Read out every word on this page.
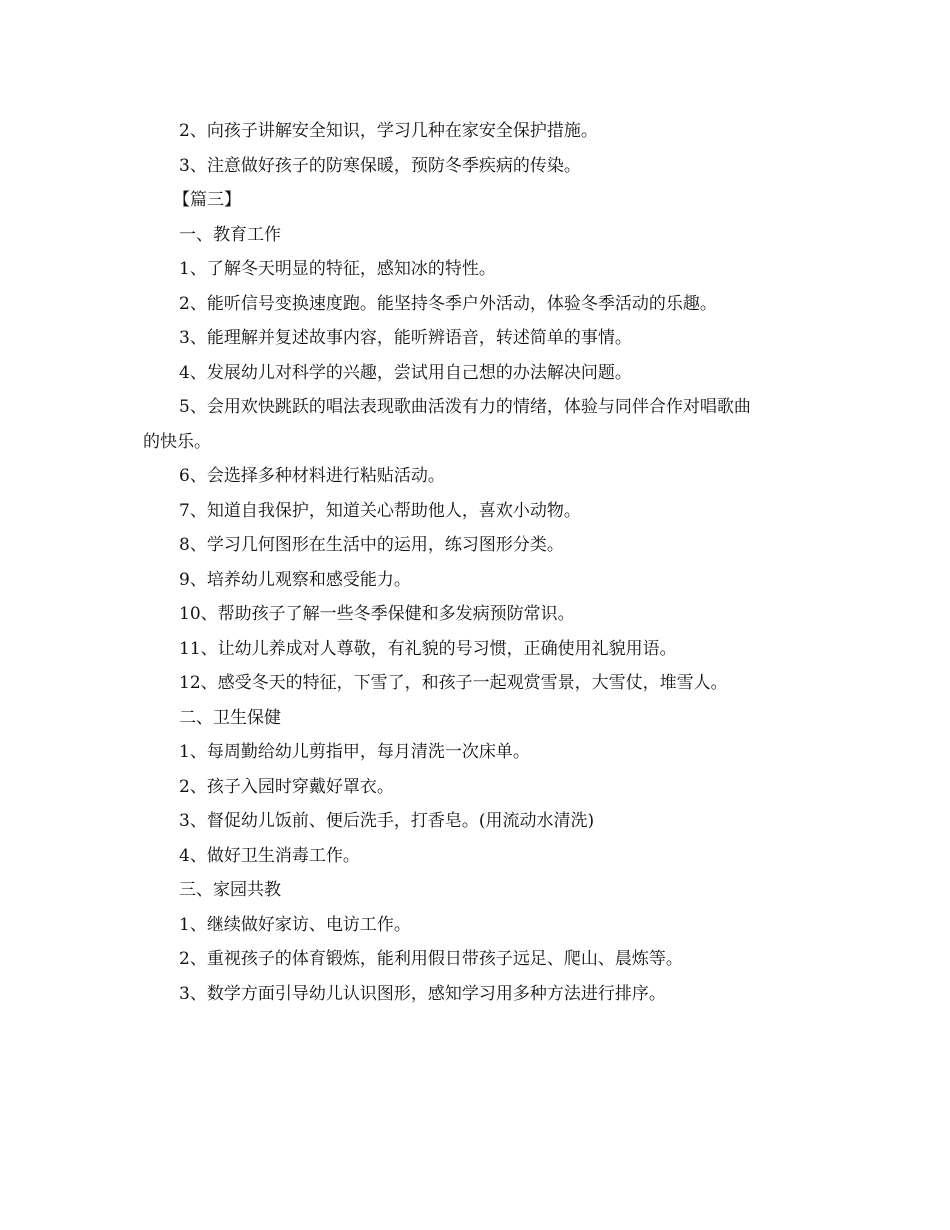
2、向孩子讲解安全知识，学习几种在家安全保护措施。
3、注意做好孩子的防寒保暖，预防冬季疾病的传染。
【篇三】
一、教育工作
1、了解冬天明显的特征，感知冰的特性。
2、能听信号变换速度跑。能坚持冬季户外活动，体验冬季活动的乐趣。
3、能理解并复述故事内容，能听辨语音，转述简单的事情。
4、发展幼儿对科学的兴趣，尝试用自己想的办法解决问题。
5、会用欢快跳跃的唱法表现歌曲活泼有力的情绪，体验与同伴合作对唱歌曲
的快乐。
6、会选择多种材料进行粘贴活动。
7、知道自我保护，知道关心帮助他人，喜欢小动物。
8、学习几何图形在生活中的运用，练习图形分类。
9、培养幼儿观察和感受能力。
10、帮助孩子了解一些冬季保健和多发病预防常识。
11、让幼儿养成对人尊敬，有礼貌的号习惯，正确使用礼貌用语。
12、感受冬天的特征，下雪了，和孩子一起观赏雪景，大雪仗，堆雪人。
二、卫生保健
1、每周勤给幼儿剪指甲，每月清洗一次床单。
2、孩子入园时穿戴好罩衣。
3、督促幼儿饭前、便后洗手，打香皂。(用流动水清洗)
4、做好卫生消毒工作。
三、家园共教
1、继续做好家访、电访工作。
2、重视孩子的体育锻炼，能利用假日带孩子远足、爬山、晨炼等。
3、数学方面引导幼儿认识图形，感知学习用多种方法进行排序。
